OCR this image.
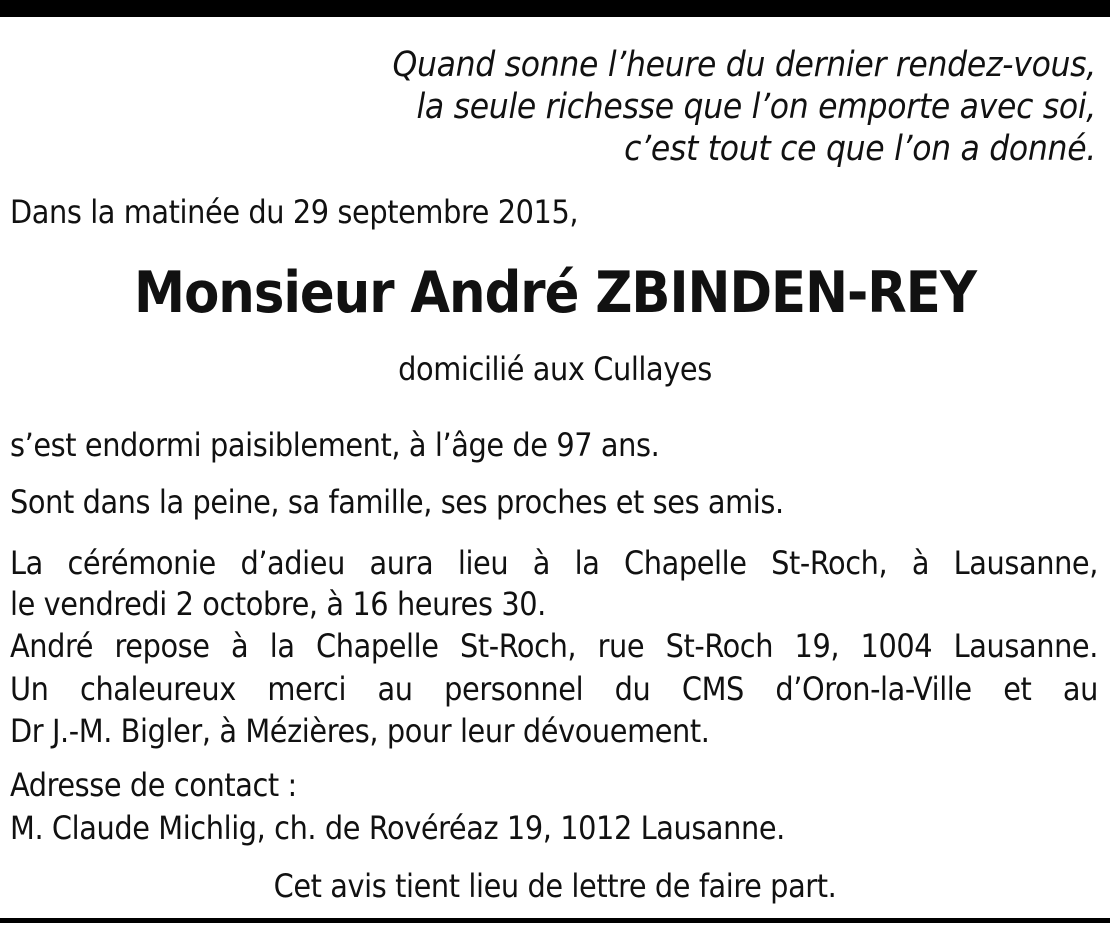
Quand sonne l’heure du dernier rendez-vous,
la seule richesse que l’on emporte avec soi,
c’est tout ce que l’on a donné.
Dans la matinée du 29 septembre 2015,
Monsieur André ZBINDEN-REY
domicilié aux Cullayes
s’est endormi paisiblement, à l’âge de 97 ans.
Sont dans la peine, sa famille, ses proches et ses amis.
La cérémonie d’adieu aura lieu à la Chapelle St-Roch, à Lausanne,
le vendredi 2 octobre, à 16 heures 30.
André repose à la Chapelle St-Roch, rue St-Roch 19, 1004 Lausanne.
Un chaleureux merci au personnel du CMS d’Oron-la-Ville et au
Dr J.-M. Bigler, à Mézières, pour leur dévouement.
Adresse de contact :
M. Claude Michlig, ch. de Rovéréaz 19, 1012 Lausanne.
Cet avis tient lieu de lettre de faire part.
